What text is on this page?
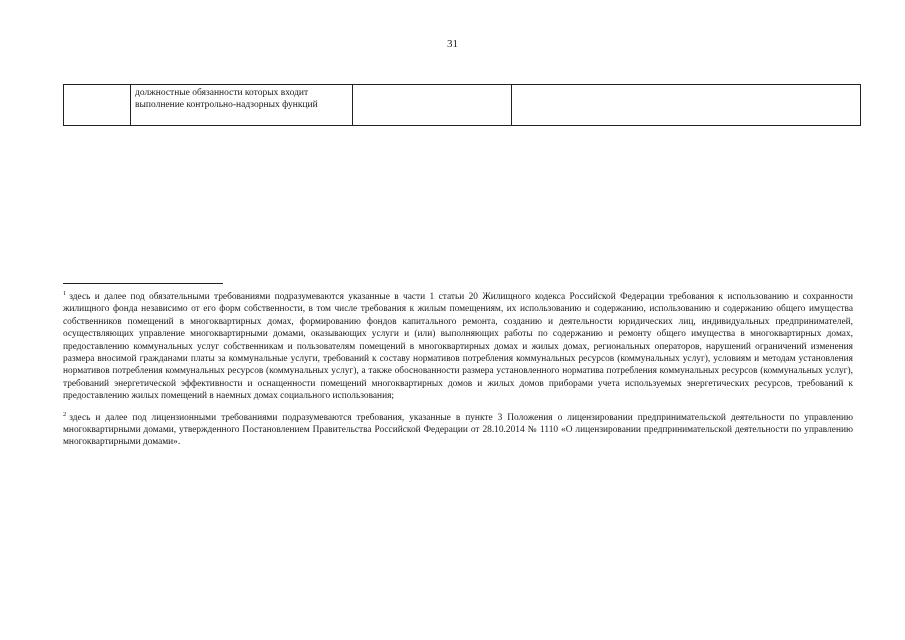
31
	должностные обязанности которых входит выполнение контрольно-надзорных функций		

$^1$ здесь и далее под обязательными требованиями подразумеваются указанные в части 1 статьи 20 Жилищного кодекса Российской Федерации требования к использованию и сохранности жилищного фонда независимо от его форм собственности, в том числе требования к жилым помещениям, их использованию и содержанию, использованию и содержанию общего имущества собственников помещений в многоквартирных домах, формированию фондов капитального ремонта, созданию и деятельности юридических лиц, индивидуальных предпринимателей, осуществляющих управление многоквартирными домами, оказывающих услуги и (или) выполняющих работы по содержанию и ремонту общего имущества в многоквартирных домах, предоставлению коммунальных услуг собственникам и пользователям помещений в многоквартирных домах и жилых домах, региональных операторов, нарушений ограничений изменения размера вносимой гражданами платы за коммунальные услуги, требований к составу нормативов потребления коммунальных ресурсов (коммунальных услуг), условиям и методам установления нормативов потребления коммунальных ресурсов (коммунальных услуг), а также обоснованности размера установленного норматива потребления коммунальных ресурсов (коммунальных услуг), требований энергетической эффективности и оснащенности помещений многоквартирных домов и жилых домов приборами учета используемых энергетических ресурсов, требований к предоставлению жилых помещений в наемных домах социального использования;

$^2$ здесь и далее под лицензионными требованиями подразумеваются требования, указанные в пункте 3 Положения о лицензировании предпринимательской деятельности по управлению многоквартирными домами, утвержденного Постановлением Правительства Российской Федерации от 28.10.2014 № 1110 «О лицензировании предпринимательской деятельности по управлению многоквартирными домами».
